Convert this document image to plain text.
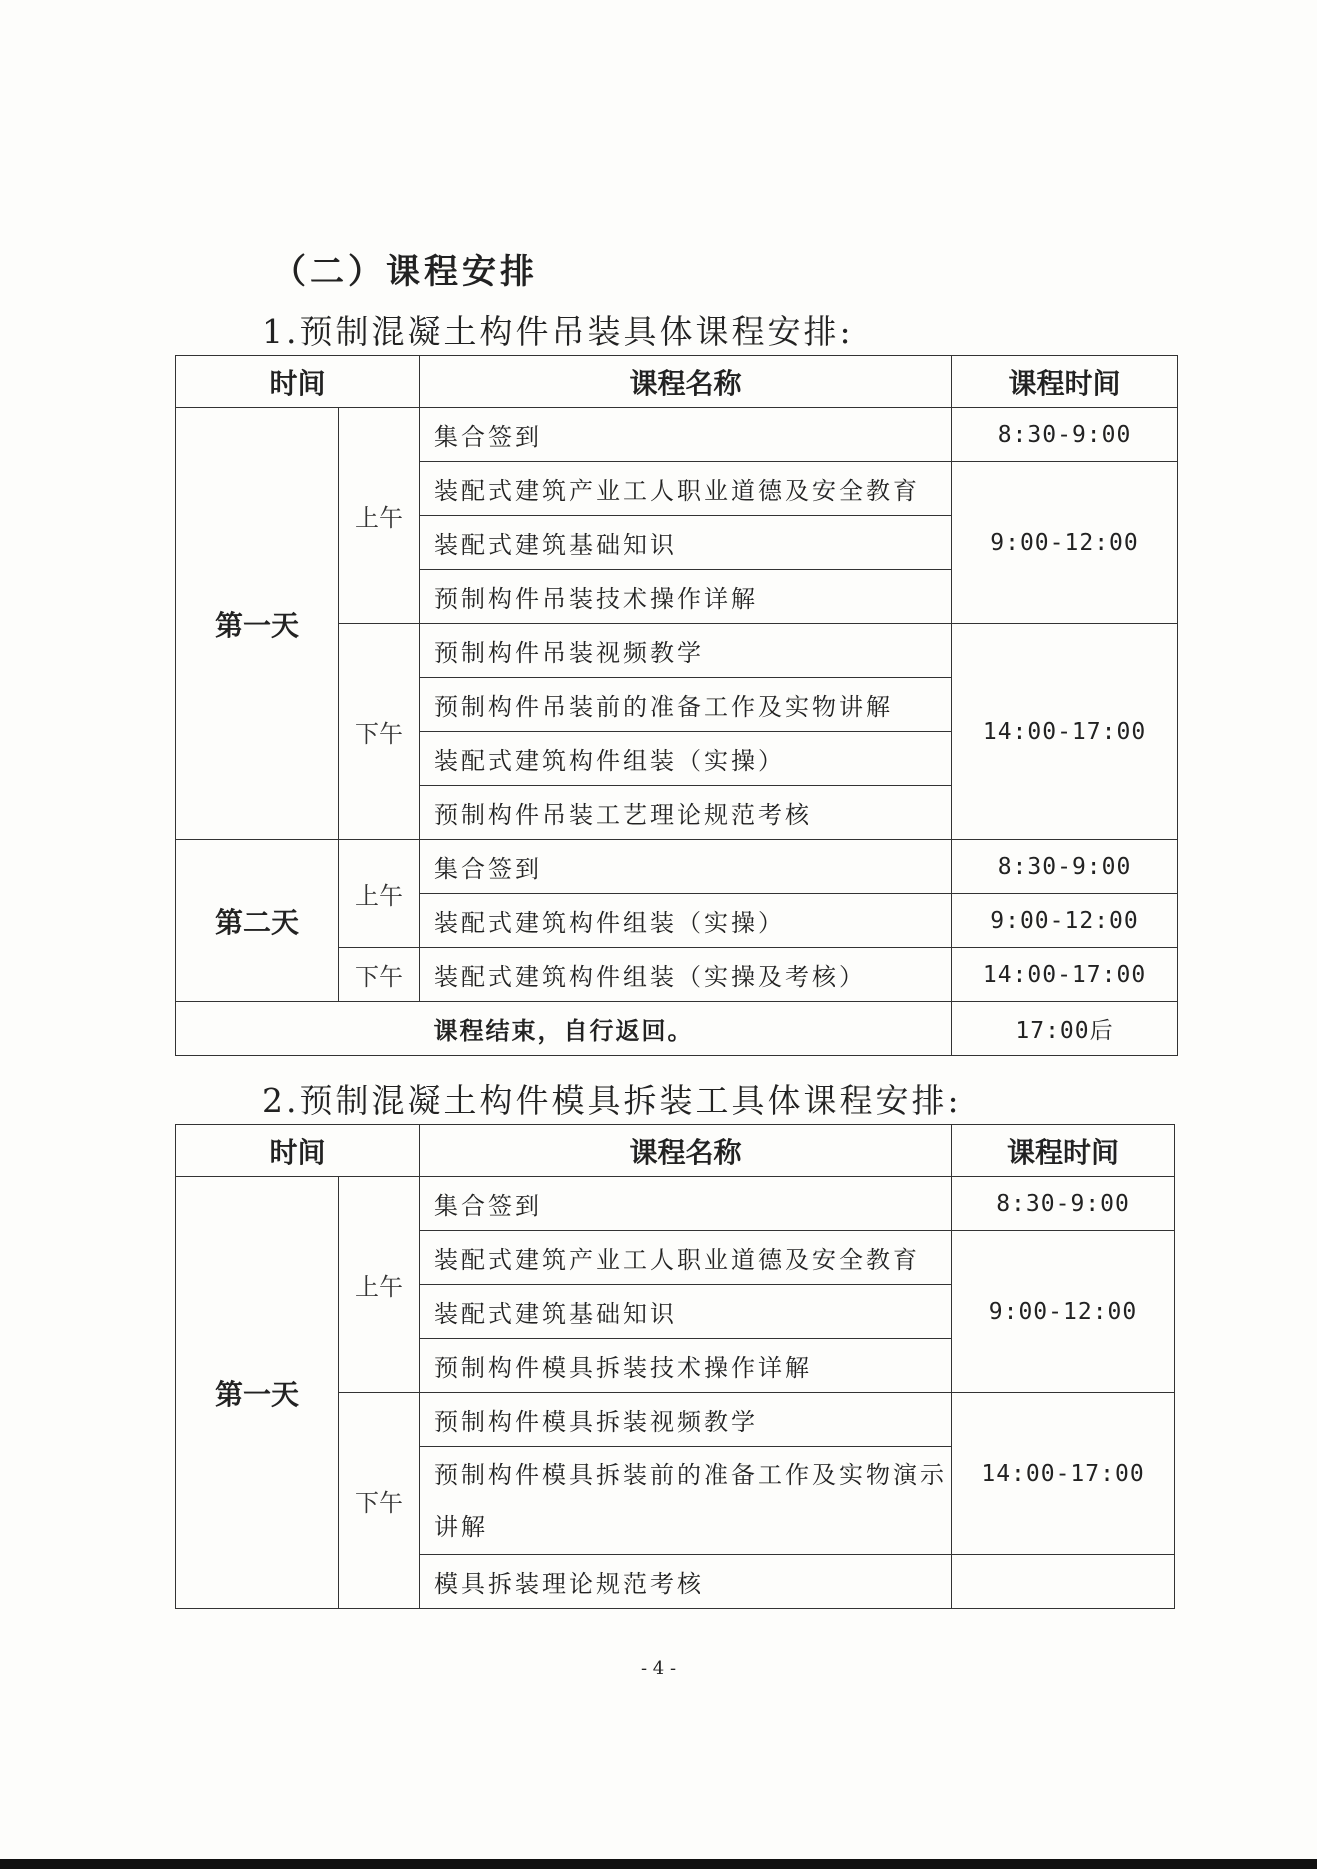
（二）课程安排
1.预制混凝土构件吊装具体课程安排:
时间		课程名称	课程时间
第一天	上午	集合签到	8:30-9:00
		装配式建筑产业工人职业道德及安全教育	9:00-12:00
		装配式建筑基础知识	
		预制构件吊装技术操作详解	
	下午	预制构件吊装视频教学	14:00-17:00
		预制构件吊装前的准备工作及实物讲解	
		装配式建筑构件组装（实操）	
		预制构件吊装工艺理论规范考核	
第二天	上午	集合签到	8:30-9:00
		装配式建筑构件组装（实操）	9:00-12:00
	下午	装配式建筑构件组装（实操及考核）	14:00-17:00
课程结束，自行返回。			17:00后
2.预制混凝土构件模具拆装工具体课程安排:
时间		课程名称	课程时间
第一天	上午	集合签到	8:30-9:00
		装配式建筑产业工人职业道德及安全教育	9:00-12:00
		装配式建筑基础知识	
		预制构件模具拆装技术操作详解	
	下午	预制构件模具拆装视频教学	14:00-17:00
		预制构件模具拆装前的准备工作及实物演示讲解	
		模具拆装理论规范考核	
- 4 -
